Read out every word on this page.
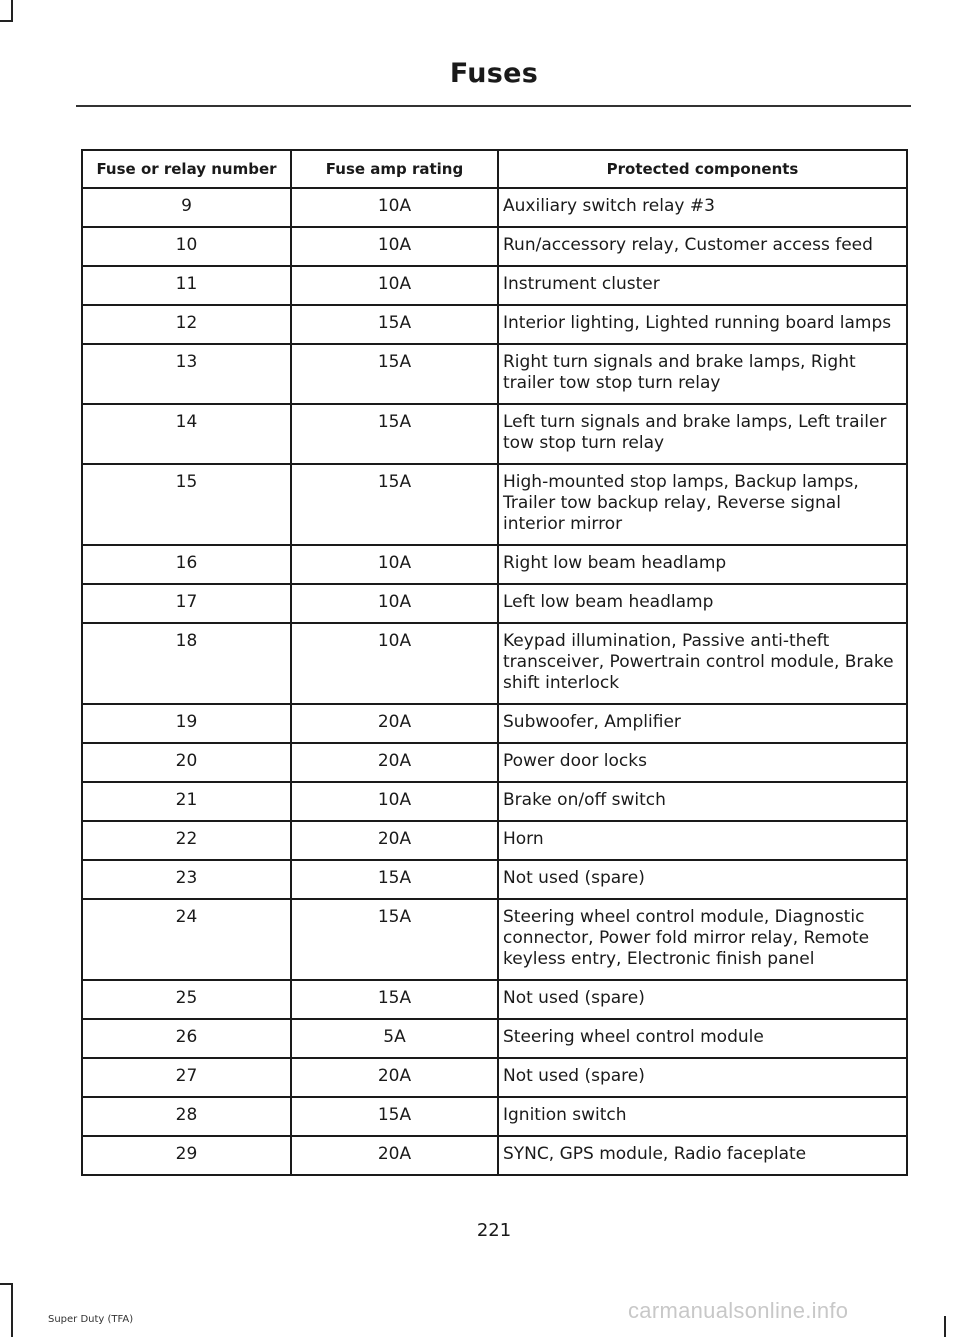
Fuses
Fuse or relay number	Fuse amp rating	Protected components
9	10A	Auxiliary switch relay #3
10	10A	Run/accessory relay, Customer access feed
11	10A	Instrument cluster
12	15A	Interior lighting, Lighted running board lamps
13	15A	Right turn signals and brake lamps, Right trailer tow stop turn relay
14	15A	Left turn signals and brake lamps, Left trailer tow stop turn relay
15	15A	High-mounted stop lamps, Backup lamps, Trailer tow backup relay, Reverse signal interior mirror
16	10A	Right low beam headlamp
17	10A	Left low beam headlamp
18	10A	Keypad illumination, Passive anti-theft transceiver, Powertrain control module, Brake shift interlock
19	20A	Subwoofer, Amplifier
20	20A	Power door locks
21	10A	Brake on/off switch
22	20A	Horn
23	15A	Not used (spare)
24	15A	Steering wheel control module, Diagnostic connector, Power fold mirror relay, Remote keyless entry, Electronic finish panel
25	15A	Not used (spare)
26	5A	Steering wheel control module
27	20A	Not used (spare)
28	15A	Ignition switch
29	20A	SYNC, GPS module, Radio faceplate
221
Super Duty (TFA)	carmanualsonline.info
